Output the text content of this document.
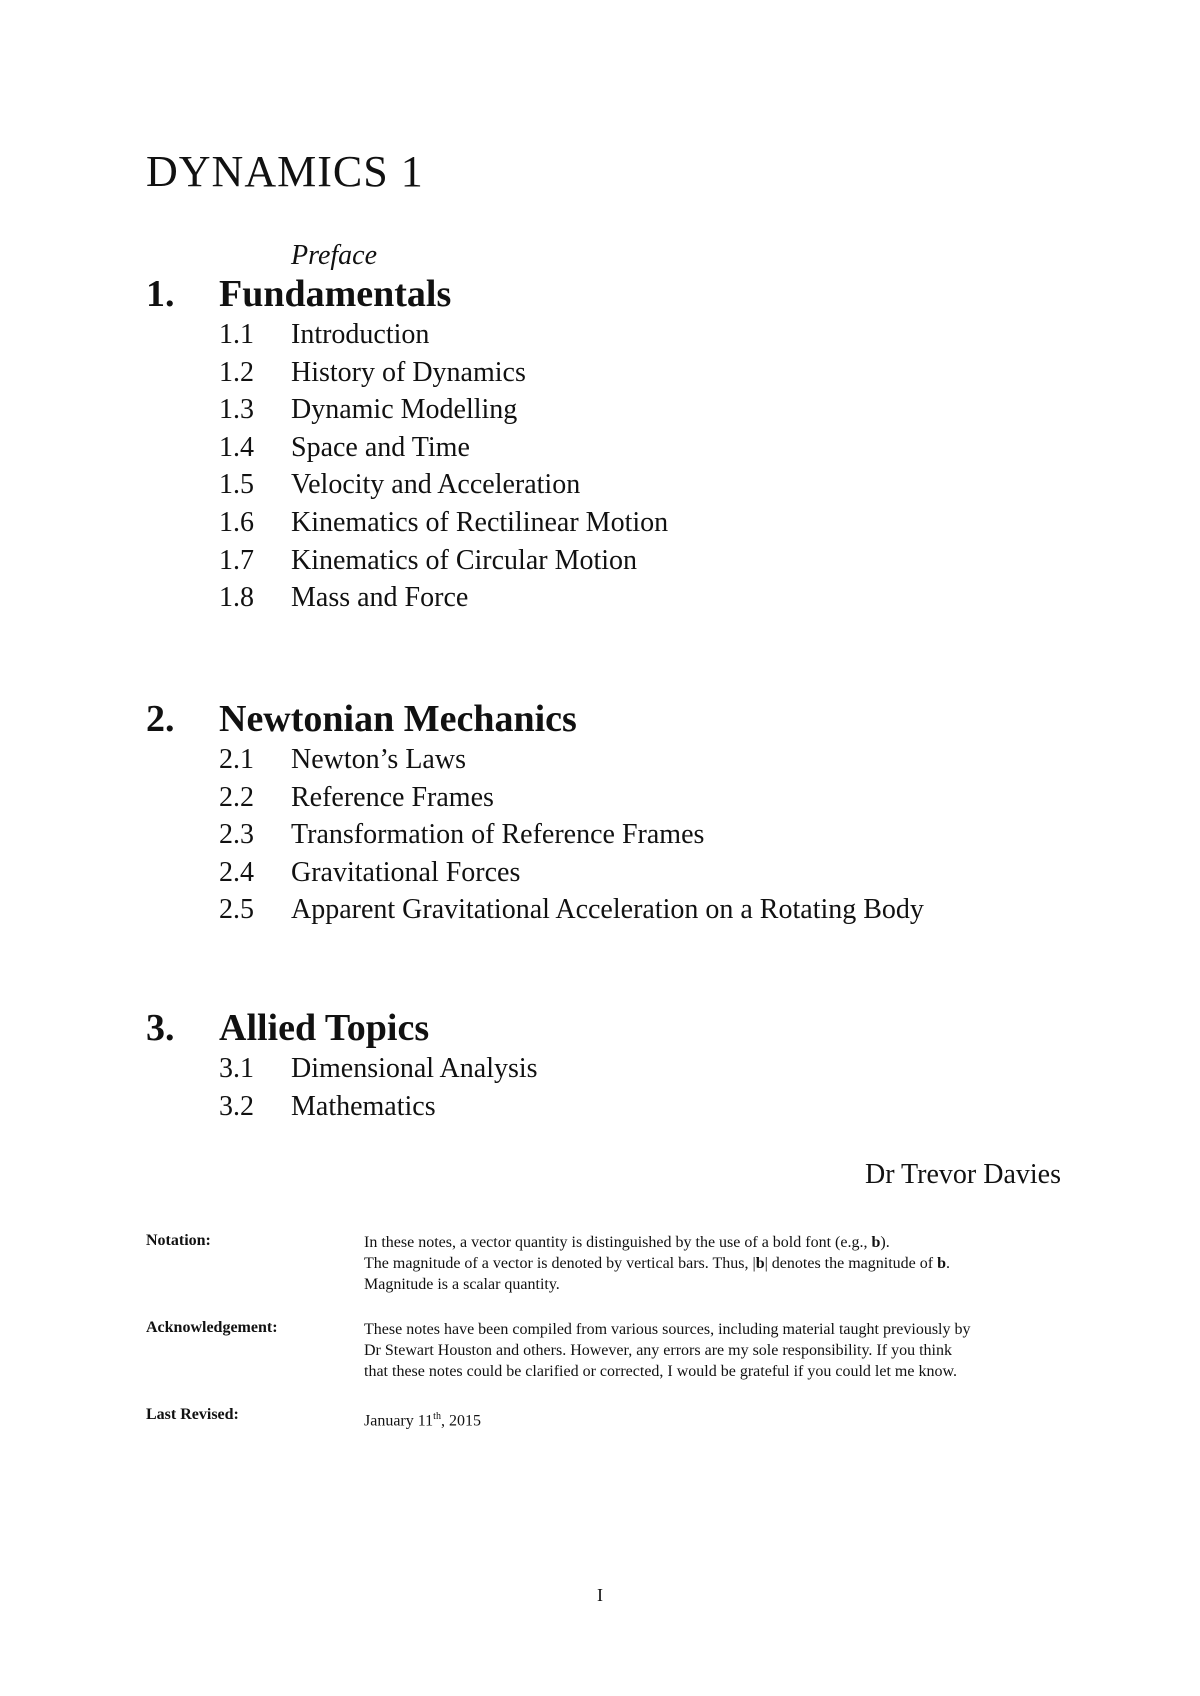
DYNAMICS 1
Preface
1.	Fundamentals
1.1	Introduction
1.2	History of Dynamics
1.3	Dynamic Modelling
1.4	Space and Time
1.5	Velocity and Acceleration
1.6	Kinematics of Rectilinear Motion
1.7	Kinematics of Circular Motion
1.8	Mass and Force
2.	Newtonian Mechanics
2.1	Newton’s Laws
2.2	Reference Frames
2.3	Transformation of Reference Frames
2.4	Gravitational Forces
2.5	Apparent Gravitational Acceleration on a Rotating Body
3.	Allied Topics
3.1	Dimensional Analysis
3.2	Mathematics
Dr Trevor Davies
Notation:	In these notes, a vector quantity is distinguished by the use of a bold font (e.g., b).

The magnitude of a vector is denoted by vertical bars. Thus, |b| denotes the magnitude of b.

Magnitude is a scalar quantity.

Acknowledgement:	These notes have been compiled from various sources, including material taught previously by

Dr Stewart Houston and others. However, any errors are my sole responsibility. If you think

that these notes could be clarified or corrected, I would be grateful if you could let me know.

Last Revised:	January 11th, 2015
I
